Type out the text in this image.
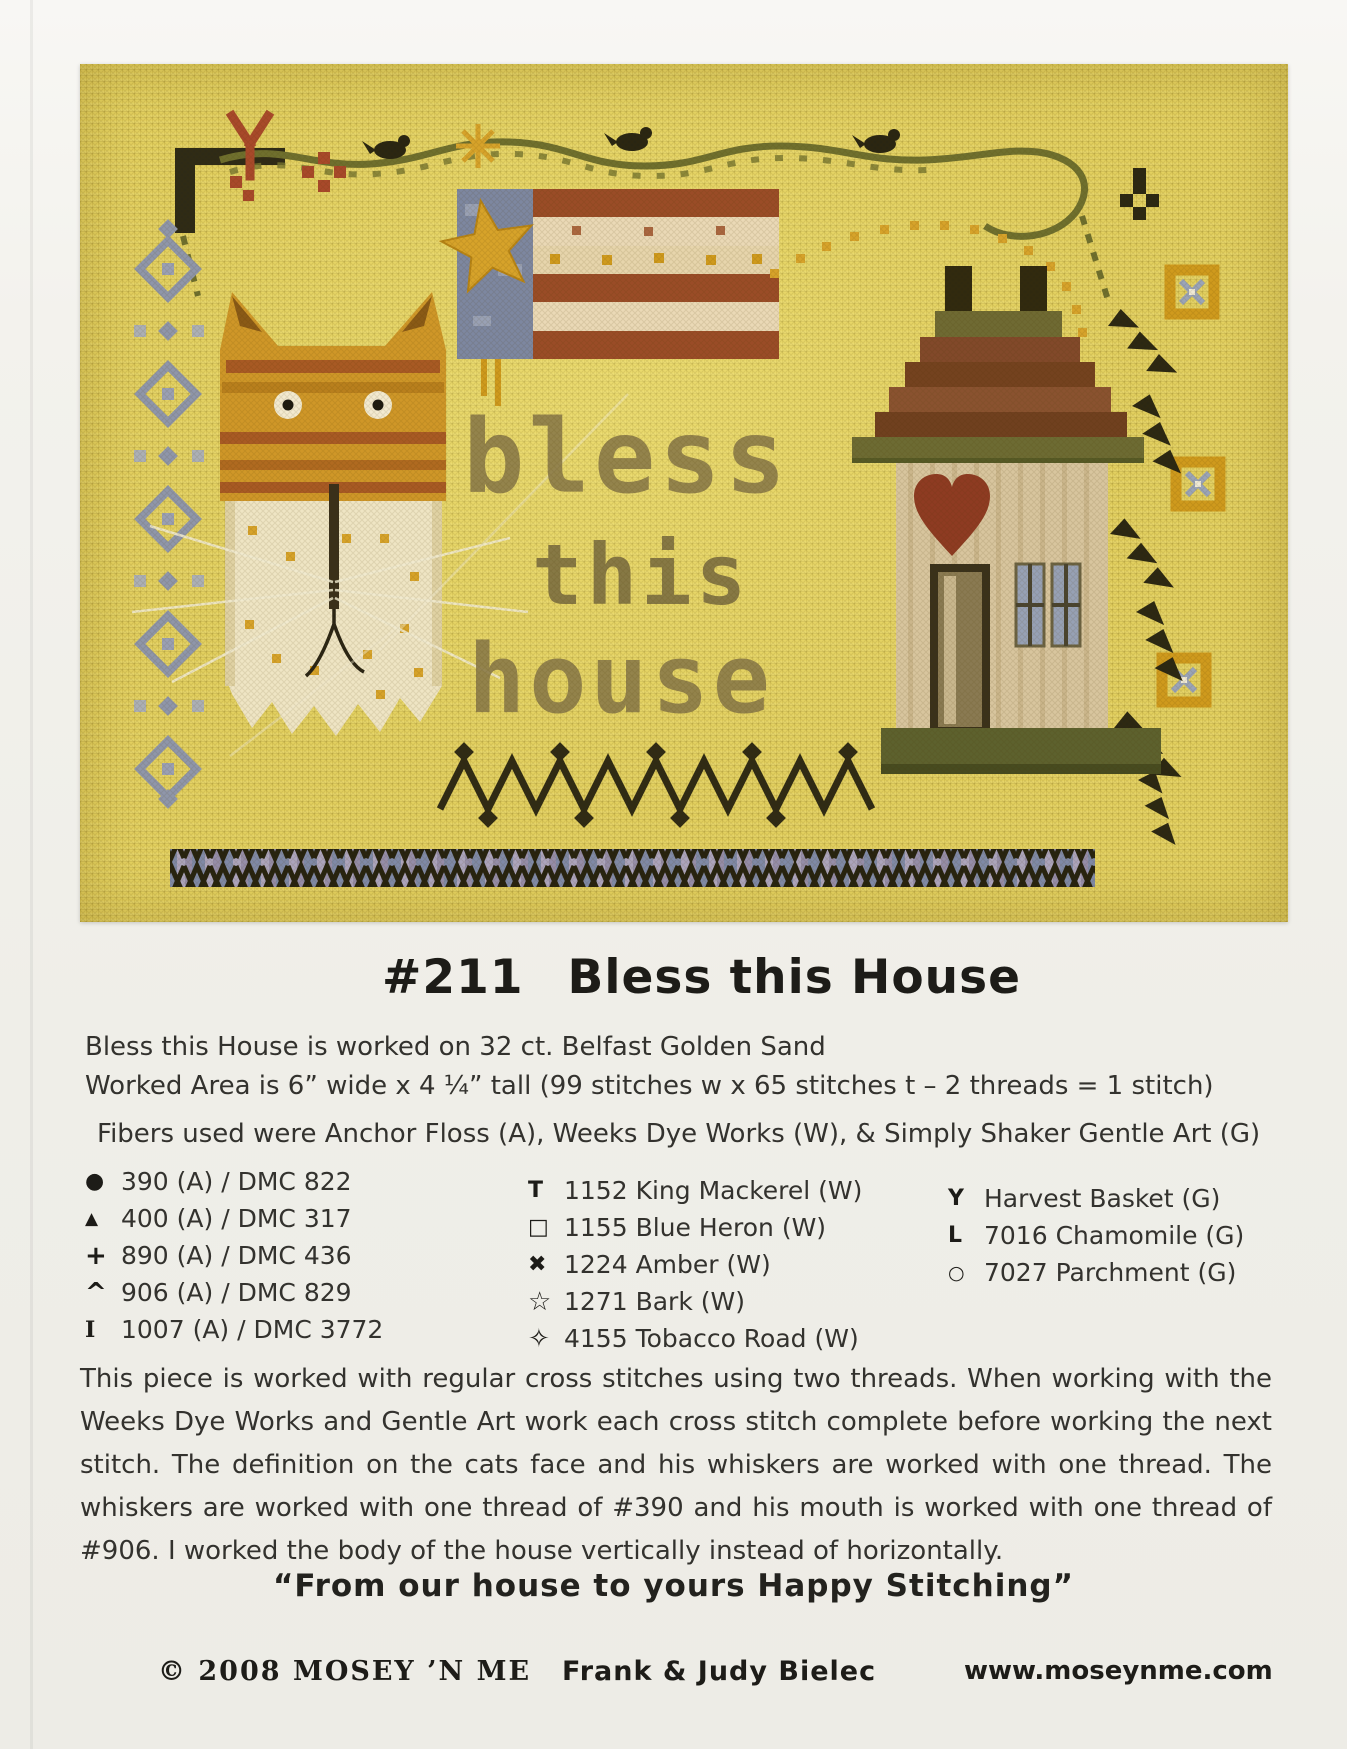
#211 Bless this House
Bless this House is worked on 32 ct. Belfast Golden Sand
Worked Area is 6” wide x 4 ¼” tall (99 stitches w x 65 stitches t – 2 threads = 1 stitch)
Fibers used were Anchor Floss (A), Weeks Dye Works (W), & Simply Shaker Gentle Art (G)
● 390 (A) / DMC 822
▲ 400 (A) / DMC 317
+ 890 (A) / DMC 436
^ 906 (A) / DMC 829
I	1007 (A) / DMC 3772
T 1152 King Mackerel (W)
□ 1155 Blue Heron (W)
✖ 1224 Amber (W)
☆ 1271 Bark (W)
✧ 4155 Tobacco Road (W)
Y Harvest Basket (G)
L 7016 Chamomile (G)
○ 7027 Parchment (G)
This piece is worked with regular cross stitches using two threads. When working with the
Weeks Dye Works and Gentle Art work each cross stitch complete before working the next
stitch. The definition on the cats face and his whiskers are worked with one thread. The
whiskers are worked with one thread of #390 and his mouth is worked with one thread of
#906. I worked the body of the house vertically instead of horizontally.
“From our house to yours Happy Stitching”
© 2008 MOSEY ’N ME Frank & Judy Bielec	www.moseynme.com
